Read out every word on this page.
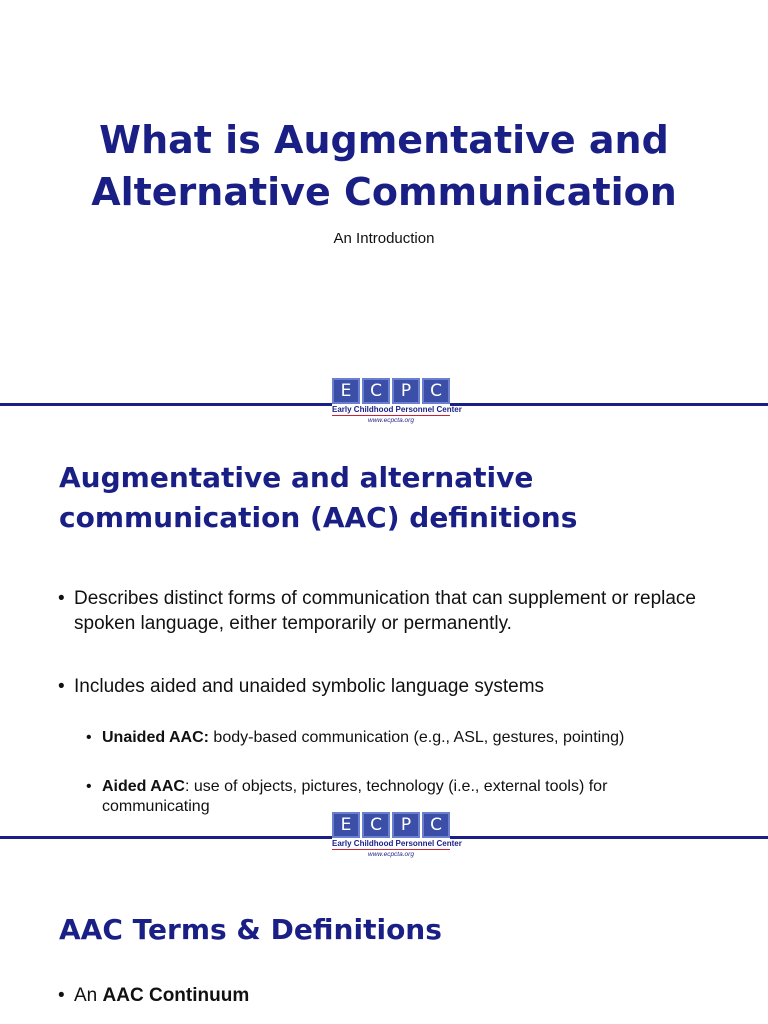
What is Augmentative and
Alternative Communication
An Introduction
E	C	P	C
Early Childhood Personnel Center
www.ecpcta.org
Augmentative and alternative
communication (AAC) definitions
• Describes distinct forms of communication that can supplement or replace spoken language, either temporarily or permanently.
• Includes aided and unaided symbolic language systems
• Unaided AAC: body-based communication (e.g., ASL, gestures, pointing)
• Aided AAC: use of objects, pictures, technology (i.e., external tools) for communicating
E	C	P	C
Early Childhood Personnel Center
www.ecpcta.org
AAC Terms & Definitions
• An AAC Continuum
